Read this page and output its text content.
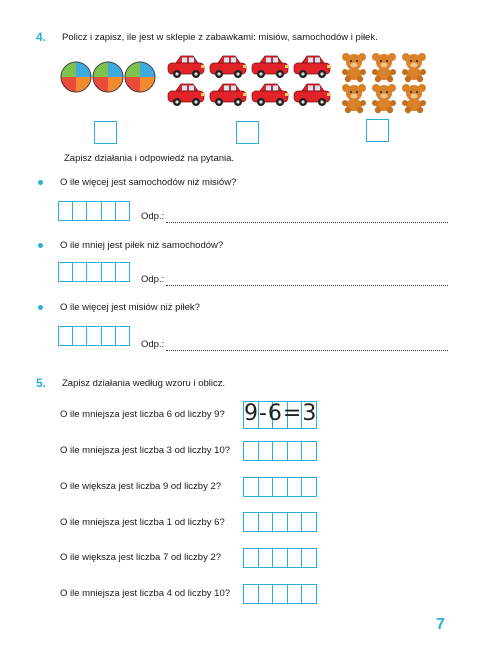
4. Policz i zapisz, ile jest w sklepie z zabawkami: misiów, samochodów i piłek.
Zapisz działania i odpowiedź na pytania.
O ile więcej jest samochodów niż misiów?
Odp.:
O ile mniej jest piłek niż samochodów?
Odp.:
O ile więcej jest misiów niż piłek?
Odp.:
5. Zapisz działania według wzoru i oblicz.
O ile mniejsza jest liczba 6 od liczby 9? 9-6=3
O ile mniejsza jest liczba 3 od liczby 10?
O ile większa jest liczba 9 od liczby 2?
O ile mniejsza jest liczba 1 od liczby 6?
O ile większa jest liczba 7 od liczby 2?
O ile mniejsza jest liczba 4 od liczby 10?
7
